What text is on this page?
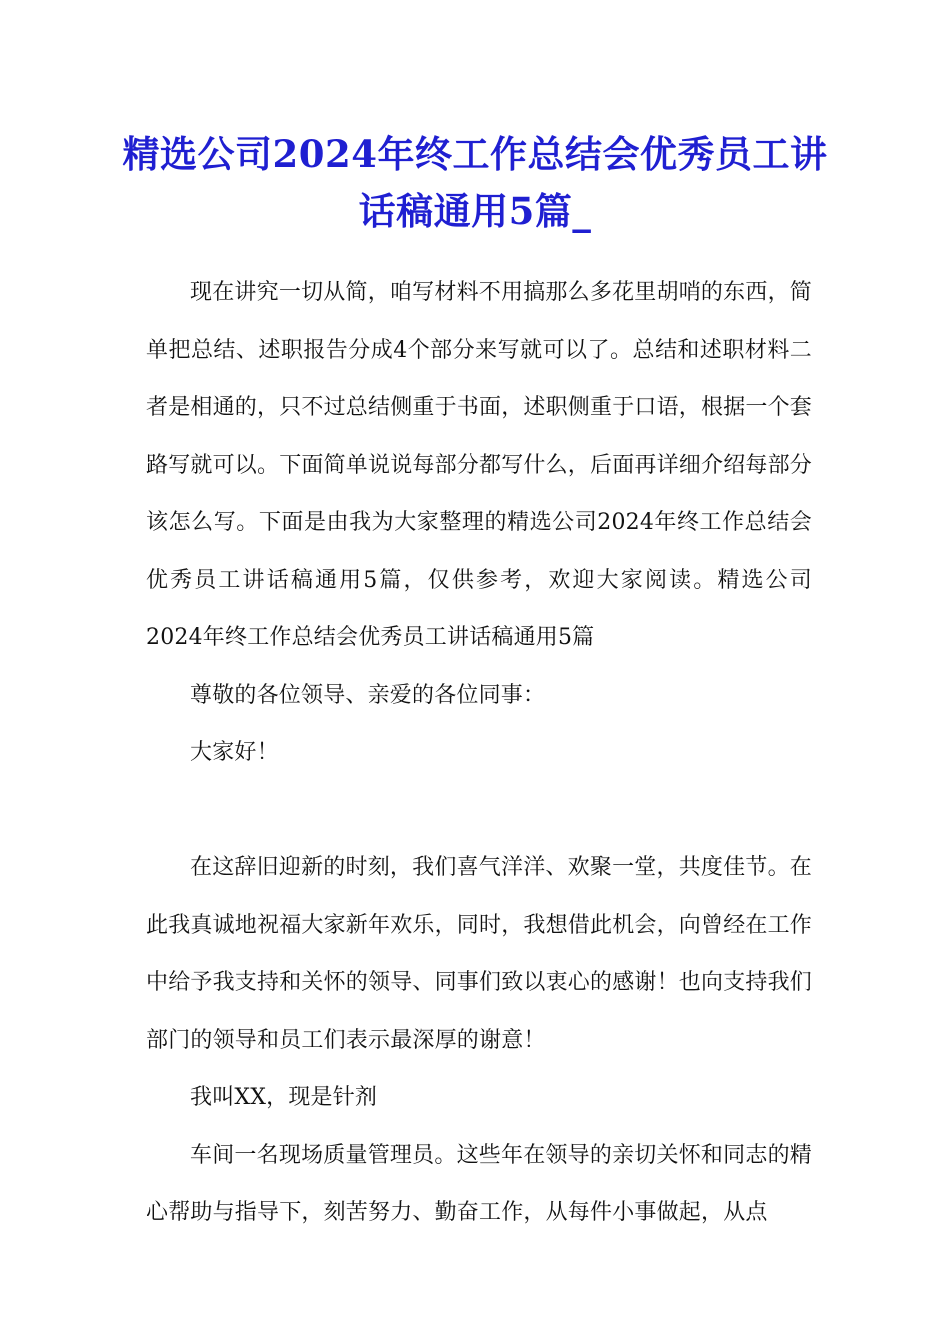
精选公司2024年终工作总结会优秀员工讲话稿通用5篇_

现在讲究一切从简，咱写材料不用搞那么多花里胡哨的东西，简单把总结、述职报告分成4个部分来写就可以了。总结和述职材料二者是相通的，只不过总结侧重于书面，述职侧重于口语，根据一个套路写就可以。下面简单说说每部分都写什么，后面再详细介绍每部分该怎么写。下面是由我为大家整理的精选公司2024年终工作总结会优秀员工讲话稿通用5篇，仅供参考，欢迎大家阅读。精选公司2024年终工作总结会优秀员工讲话稿通用5篇

尊敬的各位领导、亲爱的各位同事：

大家好！

在这辞旧迎新的时刻，我们喜气洋洋、欢聚一堂，共度佳节。在此我真诚地祝福大家新年欢乐，同时，我想借此机会，向曾经在工作中给予我支持和关怀的领导、同事们致以衷心的感谢！也向支持我们部门的领导和员工们表示最深厚的谢意！

我叫XX，现是针剂

车间一名现场质量管理员。这些年在领导的亲切关怀和同志的精心帮助与指导下，刻苦努力、勤奋工作，从每件小事做起，从点
